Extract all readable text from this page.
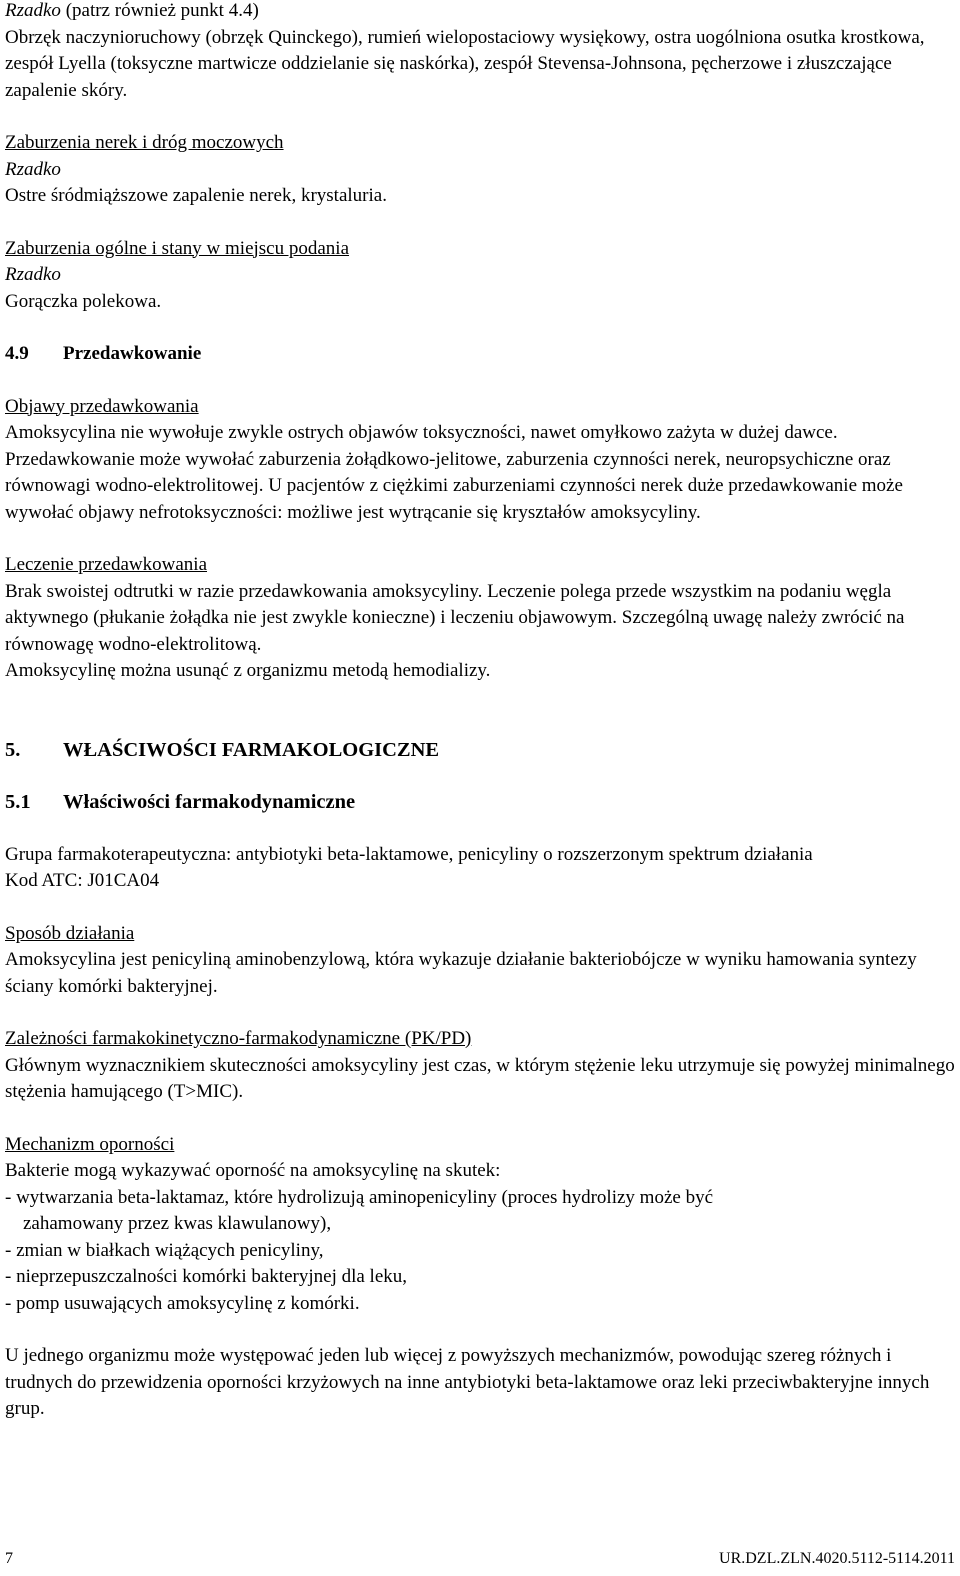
Rzadko (patrz również punkt 4.4)

Obrzęk naczynioruchowy (obrzęk Quinckego), rumień wielopostaciowy wysiękowy, ostra uogólniona osutka krostkowa, zespół Lyella (toksyczne martwicze oddzielanie się naskórka), zespół Stevensa-Johnsona, pęcherzowe i złuszczające zapalenie skóry.

Zaburzenia nerek i dróg moczowych

Rzadko

Ostre śródmiąższowe zapalenie nerek, krystaluria.

Zaburzenia ogólne i stany w miejscu podania

Rzadko

Gorączka polekowa.

4.9 Przedawkowanie

Objawy przedawkowania

Amoksycylina nie wywołuje zwykle ostrych objawów toksyczności, nawet omyłkowo zażyta w dużej dawce. Przedawkowanie może wywołać zaburzenia żołądkowo-jelitowe, zaburzenia czynności nerek, neuropsychiczne oraz równowagi wodno-elektrolitowej. U pacjentów z ciężkimi zaburzeniami czynności nerek duże przedawkowanie może wywołać objawy nefrotoksyczności: możliwe jest wytrącanie się kryształów amoksycyliny.

Leczenie przedawkowania

Brak swoistej odtrutki w razie przedawkowania amoksycyliny. Leczenie polega przede wszystkim na podaniu węgla aktywnego (płukanie żołądka nie jest zwykle konieczne) i leczeniu objawowym. Szczególną uwagę należy zwrócić na równowagę wodno-elektrolitową.

Amoksycylinę można usunąć z organizmu metodą hemodializy.

5. WŁAŚCIWOŚCI FARMAKOLOGICZNE

5.1 Właściwości farmakodynamiczne

Grupa farmakoterapeutyczna: antybiotyki beta-laktamowe, penicyliny o rozszerzonym spektrum działania

Kod ATC: J01CA04

Sposób działania

Amoksycylina jest penicyliną aminobenzylową, która wykazuje działanie bakteriobójcze w wyniku hamowania syntezy ściany komórki bakteryjnej.

Zależności farmakokinetyczno-farmakodynamiczne (PK/PD)

Głównym wyznacznikiem skuteczności amoksycyliny jest czas, w którym stężenie leku utrzymuje się powyżej minimalnego stężenia hamującego (T>MIC).

Mechanizm oporności

Bakterie mogą wykazywać oporność na amoksycylinę na skutek:

- wytwarzania beta-laktamaz, które hydrolizują aminopenicyliny (proces hydrolizy może być

zahamowany przez kwas klawulanowy),

- zmian w białkach wiążących penicyliny,

- nieprzepuszczalności komórki bakteryjnej dla leku,

- pomp usuwających amoksycylinę z komórki.

U jednego organizmu może występować jeden lub więcej z powyższych mechanizmów, powodując szereg różnych i trudnych do przewidzenia oporności krzyżowych na inne antybiotyki beta-laktamowe oraz leki przeciwbakteryjne innych grup.

7	UR.DZL.ZLN.4020.5112-5114.2011
